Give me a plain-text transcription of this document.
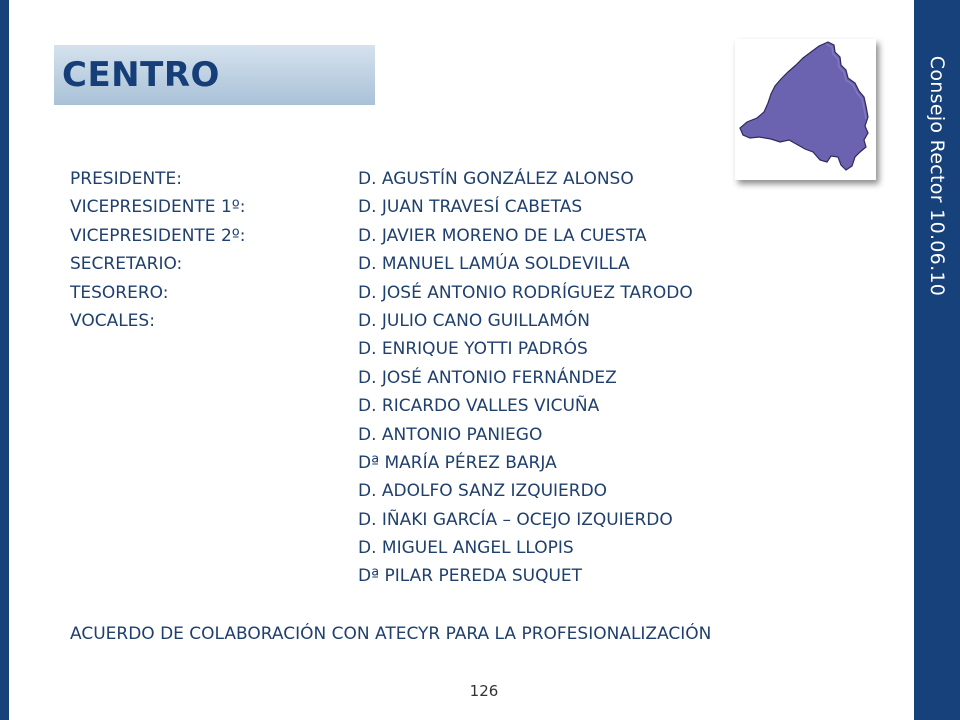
Consejo Rector 10.06.10
CENTRO
PRESIDENTE:	D. AGUSTÍN GONZÁLEZ ALONSO
VICEPRESIDENTE 1º:	D. JUAN TRAVESÍ CABETAS
VICEPRESIDENTE 2º:	D. JAVIER MORENO DE LA CUESTA
SECRETARIO:	D. MANUEL LAMÚA SOLDEVILLA
TESORERO:	D. JOSÉ ANTONIO RODRÍGUEZ TARODO
VOCALES:	D. JULIO CANO GUILLAMÓN
D. ENRIQUE YOTTI PADRÓS
D. JOSÉ ANTONIO FERNÁNDEZ
D. RICARDO VALLES VICUÑA
D. ANTONIO PANIEGO
Dª MARÍA PÉREZ BARJA
D. ADOLFO SANZ IZQUIERDO
D. IÑAKI GARCÍA – OCEJO IZQUIERDO
D. MIGUEL ANGEL LLOPIS
Dª PILAR PEREDA SUQUET
ACUERDO DE COLABORACIÓN CON ATECYR PARA LA PROFESIONALIZACIÓN
126
